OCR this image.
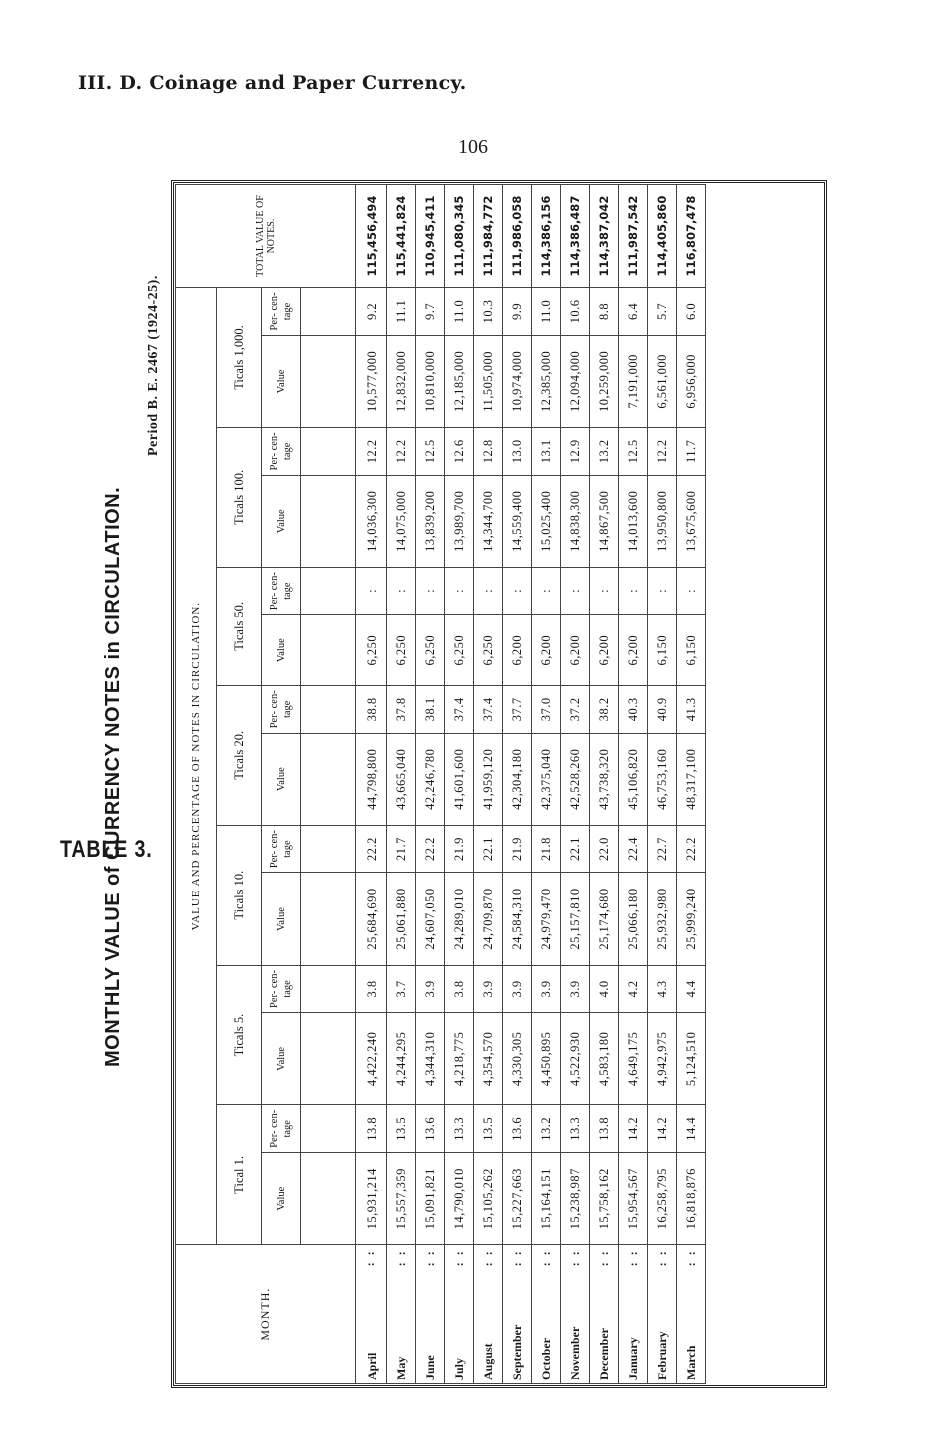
III. D. Coinage and Paper Currency.
106
TABLE 3.
MONTHLY VALUE of CURRENCY NOTES in CIRCULATION.
Period B. E. 2467 (1924-25).
MONTH.	VALUE AND PERCENTAGE OF NOTES IN CIRCULATION.														TOTAL VALUE OF NOTES.
	Tical 1.		Ticals 5.		Ticals 10.		Ticals 20.		Ticals 50.		Ticals 100.		Ticals 1,000.		
	Value	Per- cen- tage	Value	Per- cen- tage	Value	Per- cen- tage	Value	Per- cen- tage	Value	Per- cen- tage	Value	Per- cen- tage	Value	Per- cen- tage	

April
: :	15,931,214	13.8	4,422,240	3.8	25,684,690	22.2	44,798,800	38.8	6,250	:	14,036,300	12.2	10,577,000	9.2	115,456,494
May
: :	15,557,359	13.5	4,244,295	3.7	25,061,880	21.7	43,665,040	37.8	6,250	:	14,075,000	12.2	12,832,000	11.1	115,441,824
June
: :	15,091,821	13.6	4,344,310	3.9	24,607,050	22.2	42,246,780	38.1	6,250	:	13,839,200	12.5	10,810,000	9.7	110,945,411
July
: :	14,790,010	13.3	4,218,775	3.8	24,289,010	21.9	41,601,600	37.4	6,250	:	13,989,700	12.6	12,185,000	11.0	111,080,345
August
: :	15,105,262	13.5	4,354,570	3.9	24,709,870	22.1	41,959,120	37.4	6,250	:	14,344,700	12.8	11,505,000	10.3	111,984,772
September
: :	15,227,663	13.6	4,330,305	3.9	24,584,310	21.9	42,304,180	37.7	6,200	:	14,559,400	13.0	10,974,000	9.9	111,986,058
October
: :	15,164,151	13.2	4,450,895	3.9	24,979,470	21.8	42,375,040	37.0	6,200	:	15,025,400	13.1	12,385,000	11.0	114,386,156
November
: :	15,238,987	13.3	4,522,930	3.9	25,157,810	22.1	42,528,260	37.2	6,200	:	14,838,300	12.9	12,094,000	10.6	114,386,487
December
: :	15,758,162	13.8	4,583,180	4.0	25,174,680	22.0	43,738,320	38.2	6,200	:	14,867,500	13.2	10,259,000	8.8	114,387,042
January
: :	15,954,567	14.2	4,649,175	4.2	25,066,180	22.4	45,106,820	40.3	6,200	:	14,013,600	12.5	7,191,000	6.4	111,987,542
February
: :	16,258,795	14.2	4,942,975	4.3	25,932,980	22.7	46,753,160	40.9	6,150	:	13,950,800	12.2	6,561,000	5.7	114,405,860
March
: :	16,818,876	14.4	5,124,510	4.4	25,999,240	22.2	48,317,100	41.3	6,150	:	13,675,600	11.7	6,956,000	6.0	116,807,478
